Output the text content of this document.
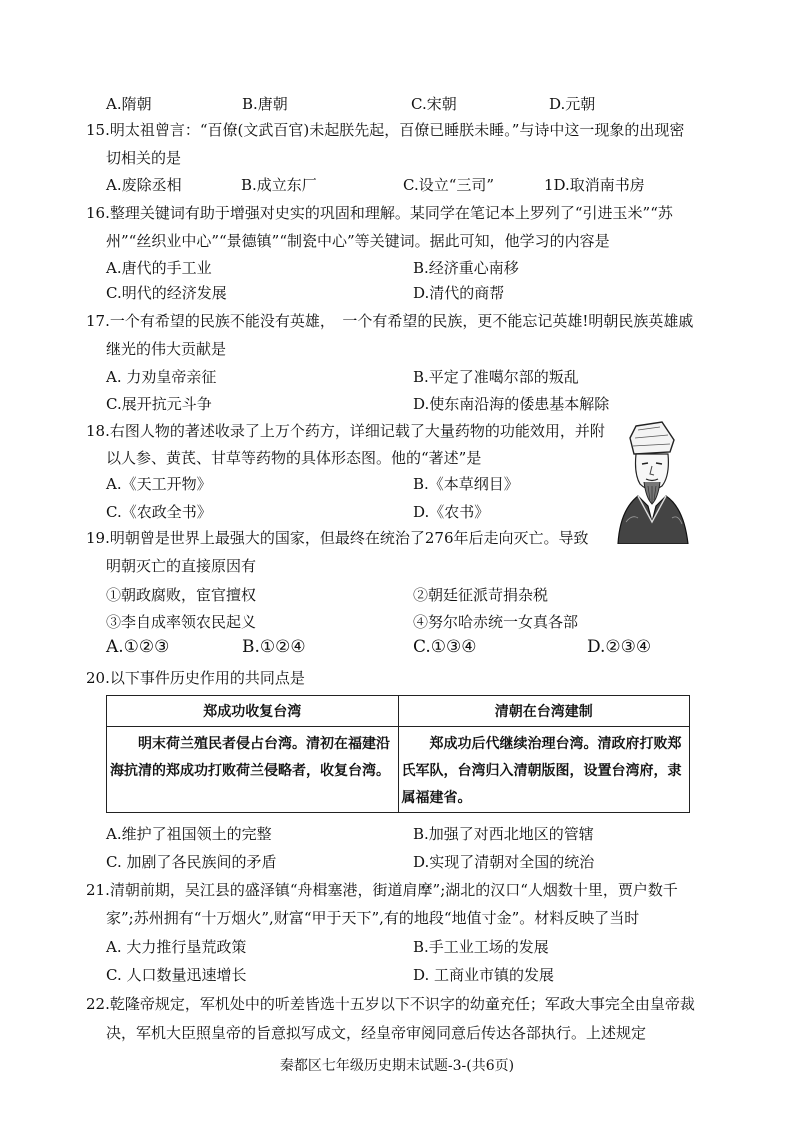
A.隋朝	B.唐朝	C.宋朝	D.元朝
15.明太祖曾言：“百僚(文武百官)未起朕先起，百僚已睡朕未睡。”与诗中这一现象的出现密
切相关的是
A.废除丞相	B.成立东厂	C.设立“三司”	1D.取消南书房
16.整理关键词有助于增强对史实的巩固和理解。某同学在笔记本上罗列了“引进玉米”“苏
州”“丝织业中心”“景德镇”“制瓷中心”等关键词。据此可知，他学习的内容是
A.唐代的手工业	B.经济重心南移
C.明代的经济发展	D.清代的商帮
17.一个有希望的民族不能没有英雄，　一个有希望的民族，更不能忘记英雄!明朝民族英雄戚
继光的伟大贡献是
A. 力劝皇帝亲征	B.平定了准噶尔部的叛乱
C.展开抗元斗争	D.使东南沿海的倭患基本解除
18.右图人物的著述收录了上万个药方，详细记载了大量药物的功能效用，并附
以人参、黄芪、甘草等药物的具体形态图。他的“著述”是
A.《天工开物》	B.《本草纲目》
C.《农政全书》	D.《农书》
19.明朝曾是世界上最强大的国家，但最终在统治了276年后走向灭亡。导致
明朝灭亡的直接原因有
①朝政腐败，宦官擅权	②朝廷征派苛捐杂税
③李自成率领农民起义	④努尔哈赤统一女真各部
A.①②③	B.①②④	C.①③④	D.②③④
20.以下事件历史作用的共同点是
郑成功收复台湾	清朝在台湾建制
明末荷兰殖民者侵占台湾。清初在福建沿海抗清的郑成功打败荷兰侵略者，收复台湾。	郑成功后代继续治理台湾。清政府打败郑氏军队，台湾归入清朝版图，设置台湾府，隶属福建省。
A.维护了祖国领土的完整	B.加强了对西北地区的管辖
C. 加剧了各民族间的矛盾	D.实现了清朝对全国的统治
21.清朝前期，吴江县的盛泽镇“舟楫塞港，街道肩摩”;湖北的汉口“人烟数十里，贾户数千
家”;苏州拥有“十万烟火”,财富“甲于天下”,有的地段“地值寸金”。材料反映了当时
A. 大力推行垦荒政策	B.手工业工场的发展
C. 人口数量迅速增长	D. 工商业市镇的发展
22.乾隆帝规定，军机处中的听差皆选十五岁以下不识字的幼童充任；军政大事完全由皇帝裁
决，军机大臣照皇帝的旨意拟写成文，经皇帝审阅同意后传达各部执行。上述规定
秦都区七年级历史期末试题-3-(共6页)
